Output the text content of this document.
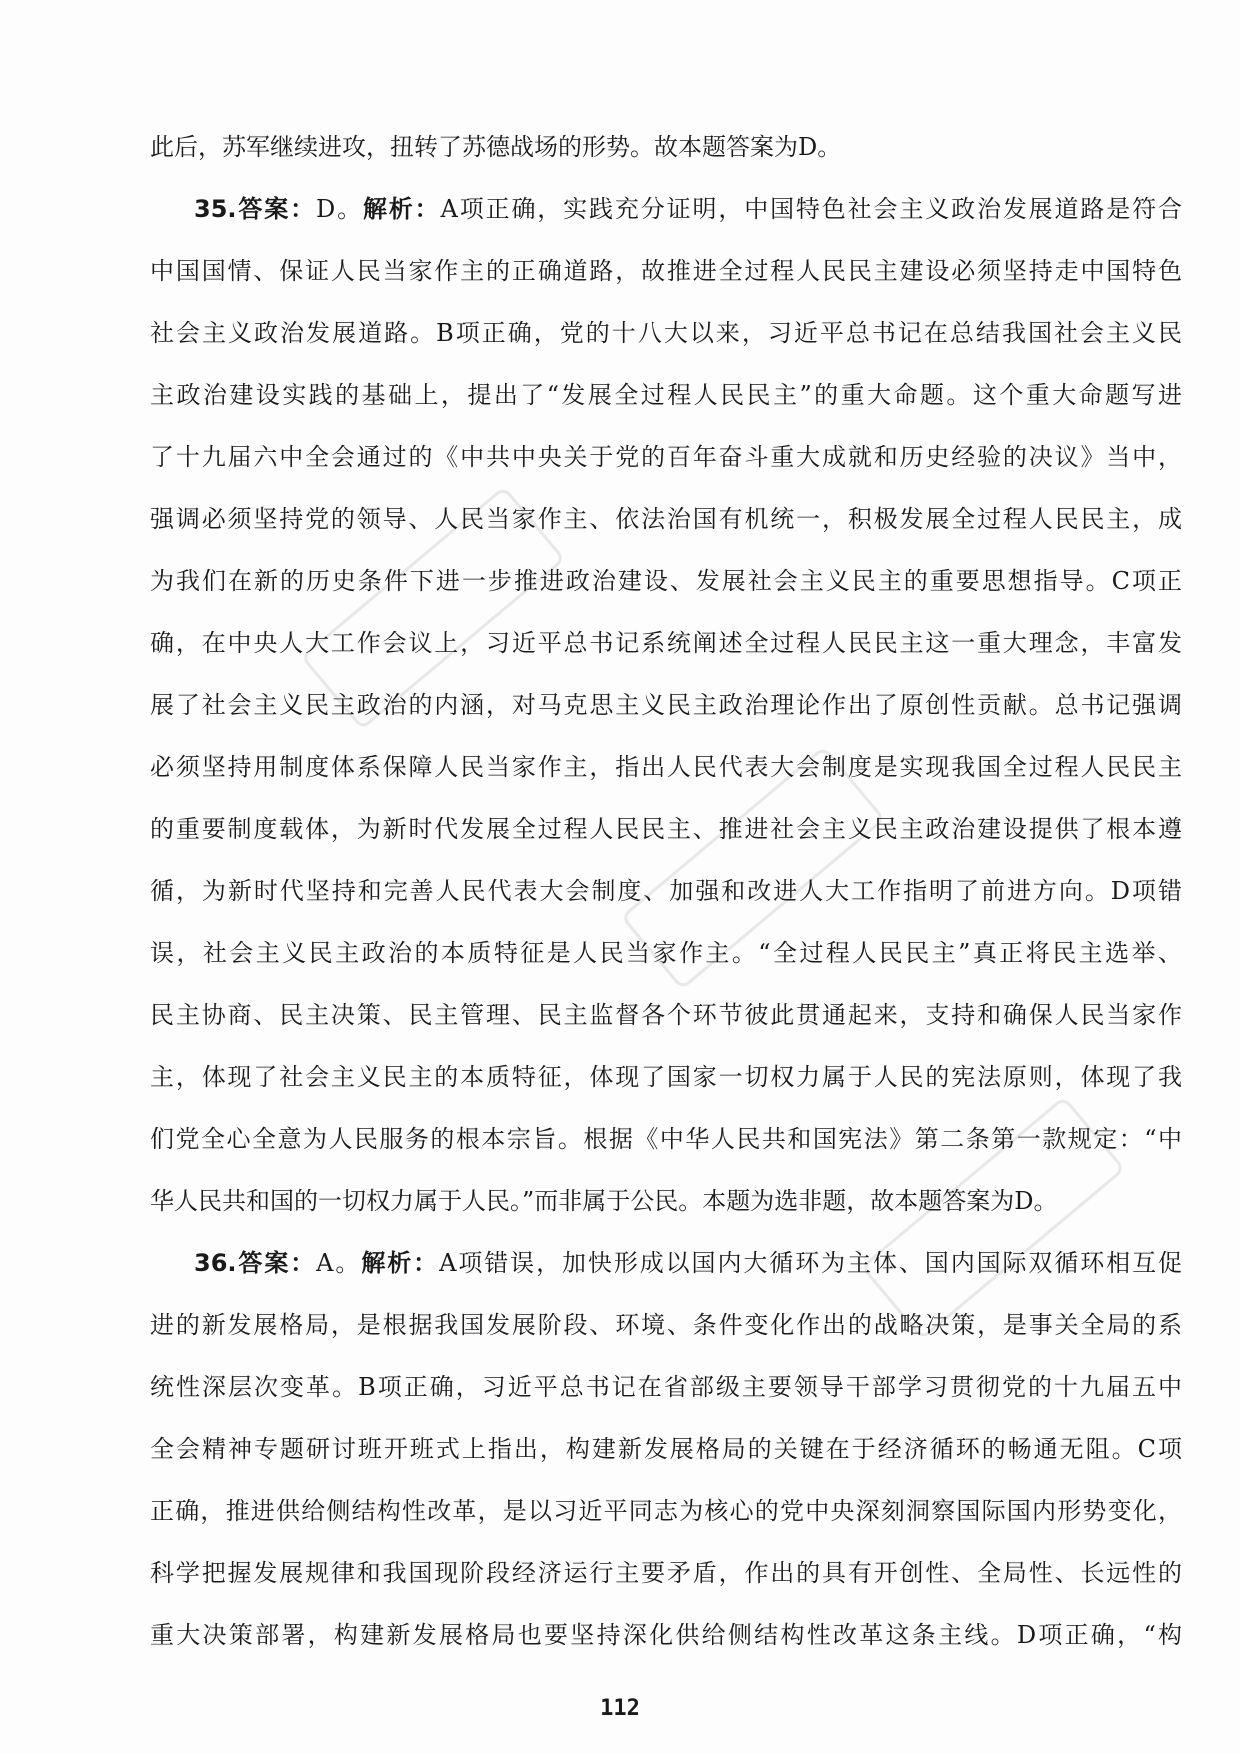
此后，苏军继续进攻，扭转了苏德战场的形势。故本题答案为D。
35.答案：D。解析：A项正确，实践充分证明，中国特色社会主义政治发展道路是符合
中国国情、保证人民当家作主的正确道路，故推进全过程人民民主建设必须坚持走中国特色
社会主义政治发展道路。B项正确，党的十八大以来，习近平总书记在总结我国社会主义民
主政治建设实践的基础上，提出了“发展全过程人民民主”的重大命题。这个重大命题写进
了十九届六中全会通过的《中共中央关于党的百年奋斗重大成就和历史经验的决议》当中，
强调必须坚持党的领导、人民当家作主、依法治国有机统一，积极发展全过程人民民主，成
为我们在新的历史条件下进一步推进政治建设、发展社会主义民主的重要思想指导。C项正
确，在中央人大工作会议上，习近平总书记系统阐述全过程人民民主这一重大理念，丰富发
展了社会主义民主政治的内涵，对马克思主义民主政治理论作出了原创性贡献。总书记强调
必须坚持用制度体系保障人民当家作主，指出人民代表大会制度是实现我国全过程人民民主
的重要制度载体，为新时代发展全过程人民民主、推进社会主义民主政治建设提供了根本遵
循，为新时代坚持和完善人民代表大会制度、加强和改进人大工作指明了前进方向。D项错
误，社会主义民主政治的本质特征是人民当家作主。“全过程人民民主”真正将民主选举、
民主协商、民主决策、民主管理、民主监督各个环节彼此贯通起来，支持和确保人民当家作
主，体现了社会主义民主的本质特征，体现了国家一切权力属于人民的宪法原则，体现了我
们党全心全意为人民服务的根本宗旨。根据《中华人民共和国宪法》第二条第一款规定：“中
华人民共和国的一切权力属于人民。”而非属于公民。本题为选非题，故本题答案为D。
36.答案：A。解析：A项错误，加快形成以国内大循环为主体、国内国际双循环相互促
进的新发展格局，是根据我国发展阶段、环境、条件变化作出的战略决策，是事关全局的系
统性深层次变革。B项正确，习近平总书记在省部级主要领导干部学习贯彻党的十九届五中
全会精神专题研讨班开班式上指出，构建新发展格局的关键在于经济循环的畅通无阻。C项
正确，推进供给侧结构性改革，是以习近平同志为核心的党中央深刻洞察国际国内形势变化，
科学把握发展规律和我国现阶段经济运行主要矛盾，作出的具有开创性、全局性、长远性的
重大决策部署，构建新发展格局也要坚持深化供给侧结构性改革这条主线。D项正确，“构
112
